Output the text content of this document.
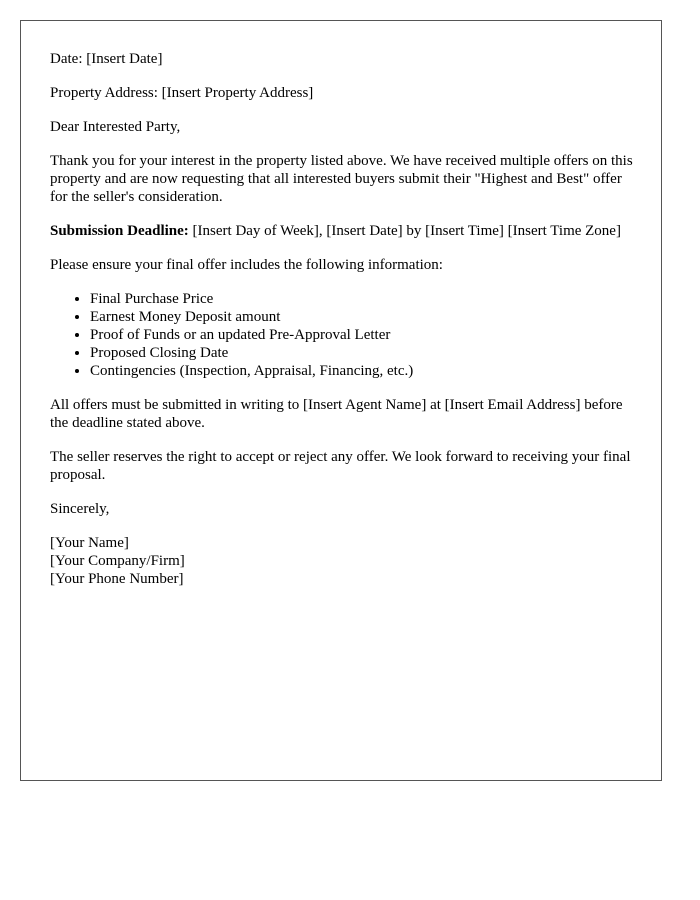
Date: [Insert Date]

Property Address: [Insert Property Address]

Dear Interested Party,

Thank you for your interest in the property listed above. We have received multiple offers on this property and are now requesting that all interested buyers submit their "Highest and Best" offer for the seller's consideration.

Submission Deadline: [Insert Day of Week], [Insert Date] by [Insert Time] [Insert Time Zone]

Please ensure your final offer includes the following information:

• Final Purchase Price
• Earnest Money Deposit amount
• Proof of Funds or an updated Pre-Approval Letter
• Proposed Closing Date
• Contingencies (Inspection, Appraisal, Financing, etc.)

All offers must be submitted in writing to [Insert Agent Name] at [Insert Email Address] before the deadline stated above.

The seller reserves the right to accept or reject any offer. We look forward to receiving your final proposal.

Sincerely,

[Your Name]

[Your Company/Firm]

[Your Phone Number]
